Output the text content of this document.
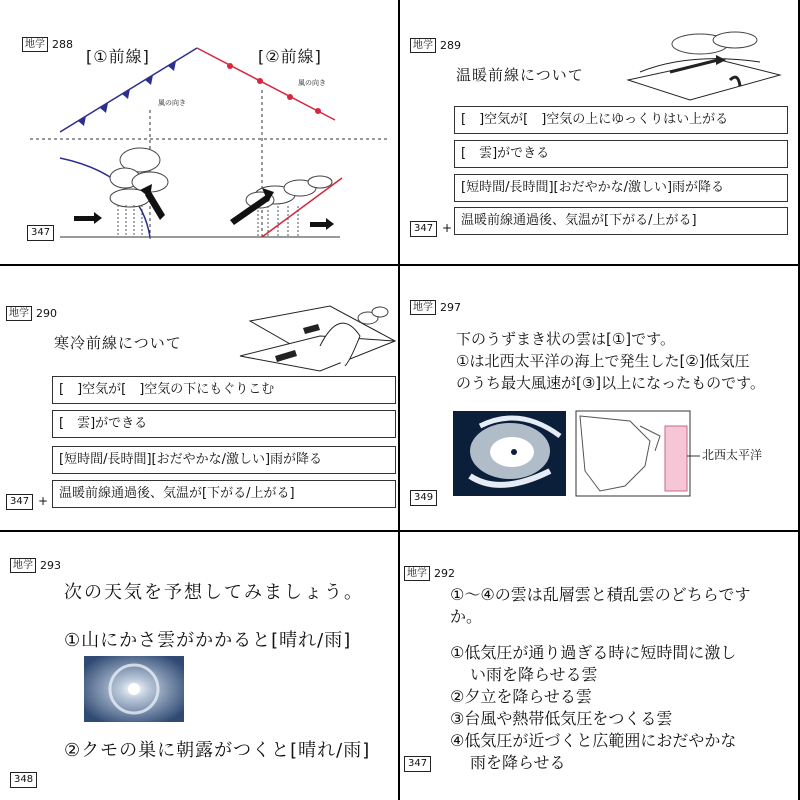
地学 288
[①前線]	[②前線]
風の向き
風の向き
347
地学 289
温暖前線について
[　]空気が[　]空気の上にゆっくりはい上がる
[　雲]ができる
[短時間/長時間][おだやかな/激しい]雨が降る
温暖前線通過後、気温が[下がる/上がる]
347 +
地学 290
寒冷前線について
[　]空気が[　]空気の下にもぐりこむ
[　雲]ができる
[短時間/長時間][おだやかな/激しい]雨が降る
温暖前線通過後、気温が[下がる/上がる]
347 +
地学 297
下のうずまき状の雲は[①]です。
①は北西太平洋の海上で発生した[②]低気圧
のうち最大風速が[③]以上になったものです。
北西太平洋
349
地学 293
次の天気を予想してみましょう。
①山にかさ雲がかかると[晴れ/雨]
②クモの巣に朝露がつくと[晴れ/雨]
348
地学 292
①～④の雲は乱層雲と積乱雲のどちらです
か。
①低気圧が通り過ぎる時に短時間に激し
い雨を降らせる雲
②夕立を降らせる雲
③台風や熱帯低気圧をつくる雲
④低気圧が近づくと広範囲におだやかな
雨を降らせる
347
